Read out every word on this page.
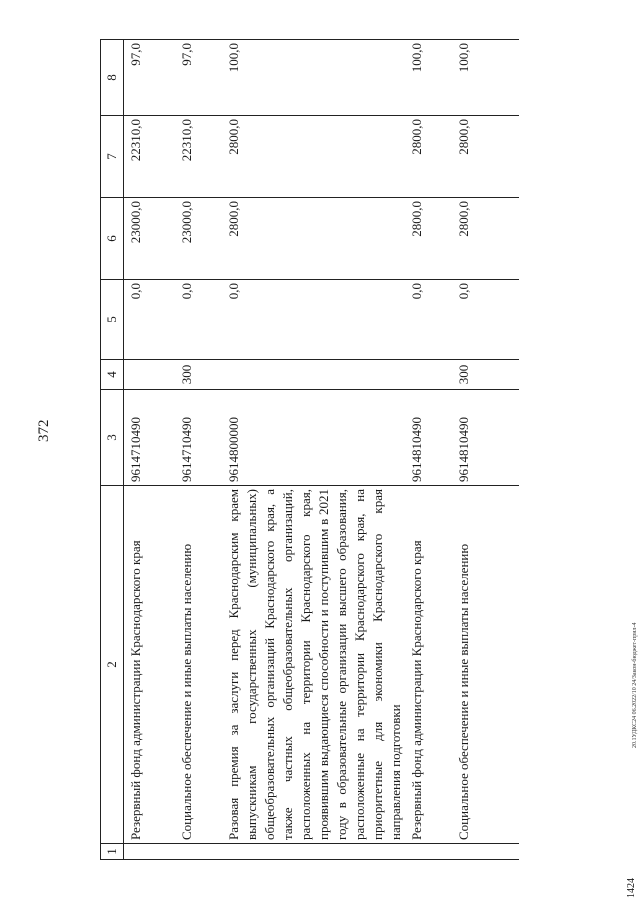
372
20.1УДКС24 06.2022/10 24/Закон-бюджет-прил-4
1424
1	2	3	4	5	6	7	8
	Резервный фонд администрации Краснодарского края	9614710490		0,0	23000,0	22310,0	97,0
	Социальное обеспечение и иные выплаты населению	9614710490	300	0,0	23000,0	22310,0	97,0
	Разовая премия за заслуги перед Краснодарским краем выпускникам государственных (муниципальных) общеобразовательных организаций Краснодарского края, а также частных общеобразовательных организаций, расположенных на территории Краснодарского края, проявившим выдающиеся способности и поступившим в 2021 году в образовательные организации высшего образования, расположенные на территории Краснодарского края, на приоритетные для экономики Краснодарского края направления подготовки	9614800000		0,0	2800,0	2800,0	100,0
	Резервный фонд администрации Краснодарского края	9614810490		0,0	2800,0	2800,0	100,0
	Социальное обеспечение и иные выплаты населению	9614810490	300	0,0	2800,0	2800,0	100,0
